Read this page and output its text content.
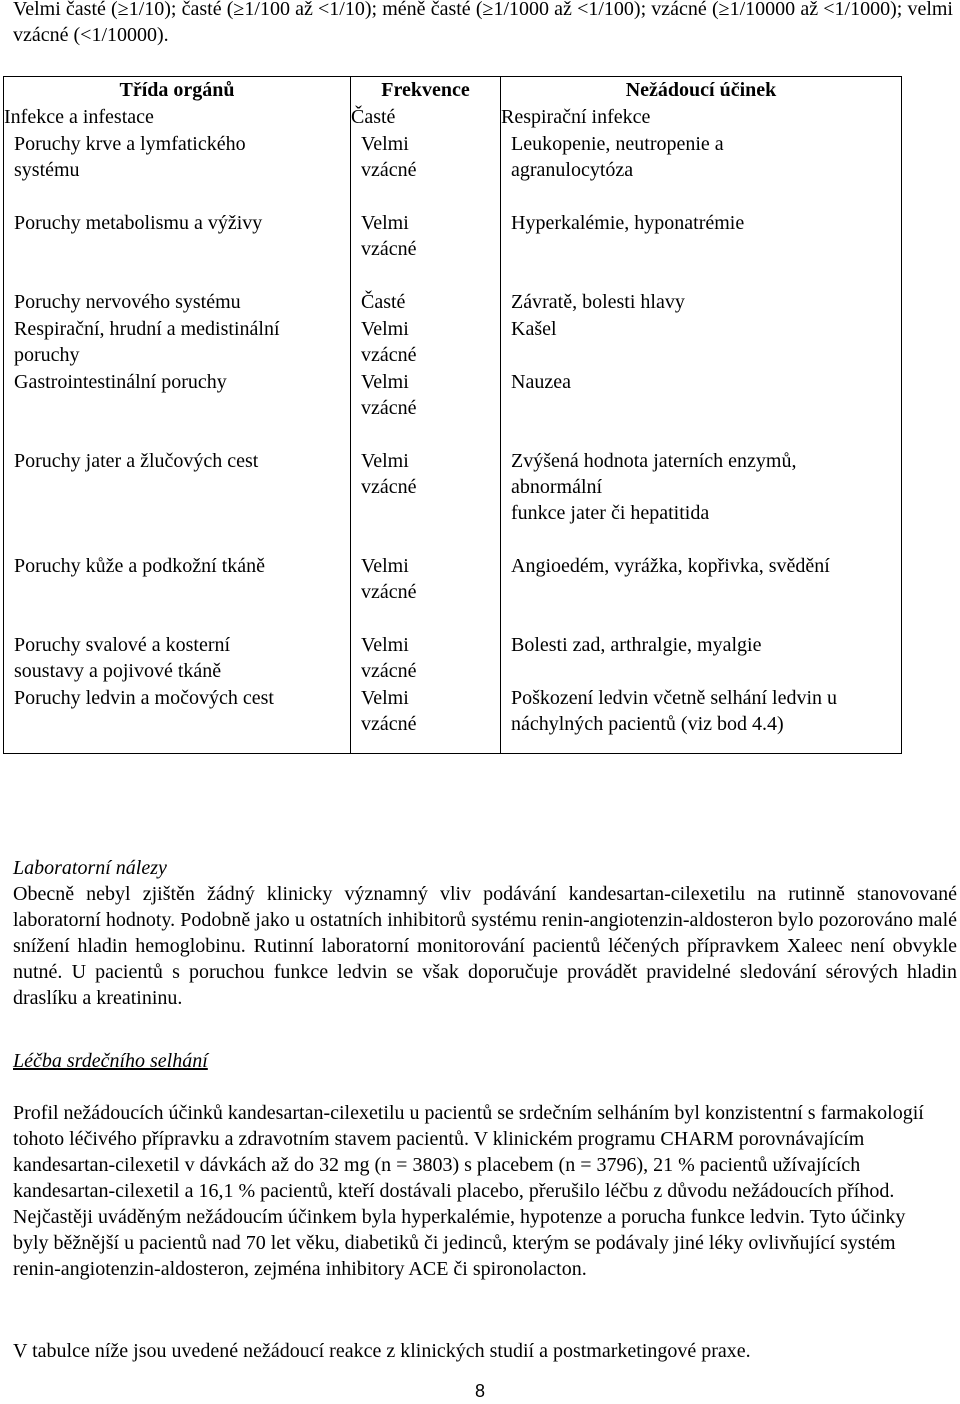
Velmi časté (≥1/10); časté (≥1/100 až <1/10); méně časté (≥1/1000 až <1/100); vzácné (≥1/10000 až <1/1000); velmi vzácné (<1/10000).

Třída orgánů	Frekvence	Nežádoucí účinek
Infekce a infestace	Časté	Respirační infekce
Poruchy krve a lymfatického systému	Velmi vzácné	Leukopenie, neutropenie a agranulocytóza
Poruchy metabolismu a výživy	Velmi vzácné	Hyperkalémie, hyponatrémie
Poruchy nervového systému	Časté	Závratě, bolesti hlavy
Respirační, hrudní a medistinální poruchy	Velmi vzácné	Kašel
Gastrointestinální poruchy	Velmi vzácné	Nauzea
Poruchy jater a žlučových cest	Velmi vzácné	Zvýšená hodnota jaterních enzymů, abnormální
funkce jater či hepatitida

Poruchy kůže a podkožní tkáně	Velmi vzácné	Angioedém, vyrážka, kopřivka, svědění
Poruchy svalové a kosterní soustavy a pojivové tkáně	Velmi vzácné	Bolesti zad, arthralgie, myalgie
Poruchy ledvin a močových cest	Velmi vzácné	Poškození ledvin včetně selhání ledvin u náchylných pacientů (viz bod 4.4)

Laboratorní nálezy

Obecně nebyl zjištěn žádný klinicky významný vliv podávání kandesartan-cilexetilu na rutinně stanovované laboratorní hodnoty. Podobně jako u ostatních inhibitorů systému renin-angiotenzin-aldosteron bylo pozorováno malé snížení hladin hemoglobinu. Rutinní laboratorní monitorování pacientů léčených přípravkem Xaleec není obvykle nutné. U pacientů s poruchou funkce ledvin se však doporučuje provádět pravidelné sledování sérových hladin draslíku a kreatininu.

Léčba srdečního selhání

Profil nežádoucích účinků kandesartan-cilexetilu u pacientů se srdečním selháním byl konzistentní s farmakologií tohoto léčivého přípravku a zdravotním stavem pacientů. V klinickém programu CHARM porovnávajícím kandesartan-cilexetil v dávkách až do 32 mg (n = 3803) s placebem (n = 3796), 21 % pacientů užívajících kandesartan-cilexetil a 16,1 % pacientů, kteří dostávali placebo, přerušilo léčbu z důvodu nežádoucích příhod. Nejčastěji uváděným nežádoucím účinkem byla hyperkalémie, hypotenze a porucha funkce ledvin. Tyto účinky byly běžnější u pacientů nad 70 let věku, diabetiků či jedinců, kterým se podávaly jiné léky ovlivňující systém renin-angiotenzin-aldosteron, zejména inhibitory ACE či spironolacton.

V tabulce níže jsou uvedené nežádoucí reakce z klinických studií a postmarketingové praxe.

8
